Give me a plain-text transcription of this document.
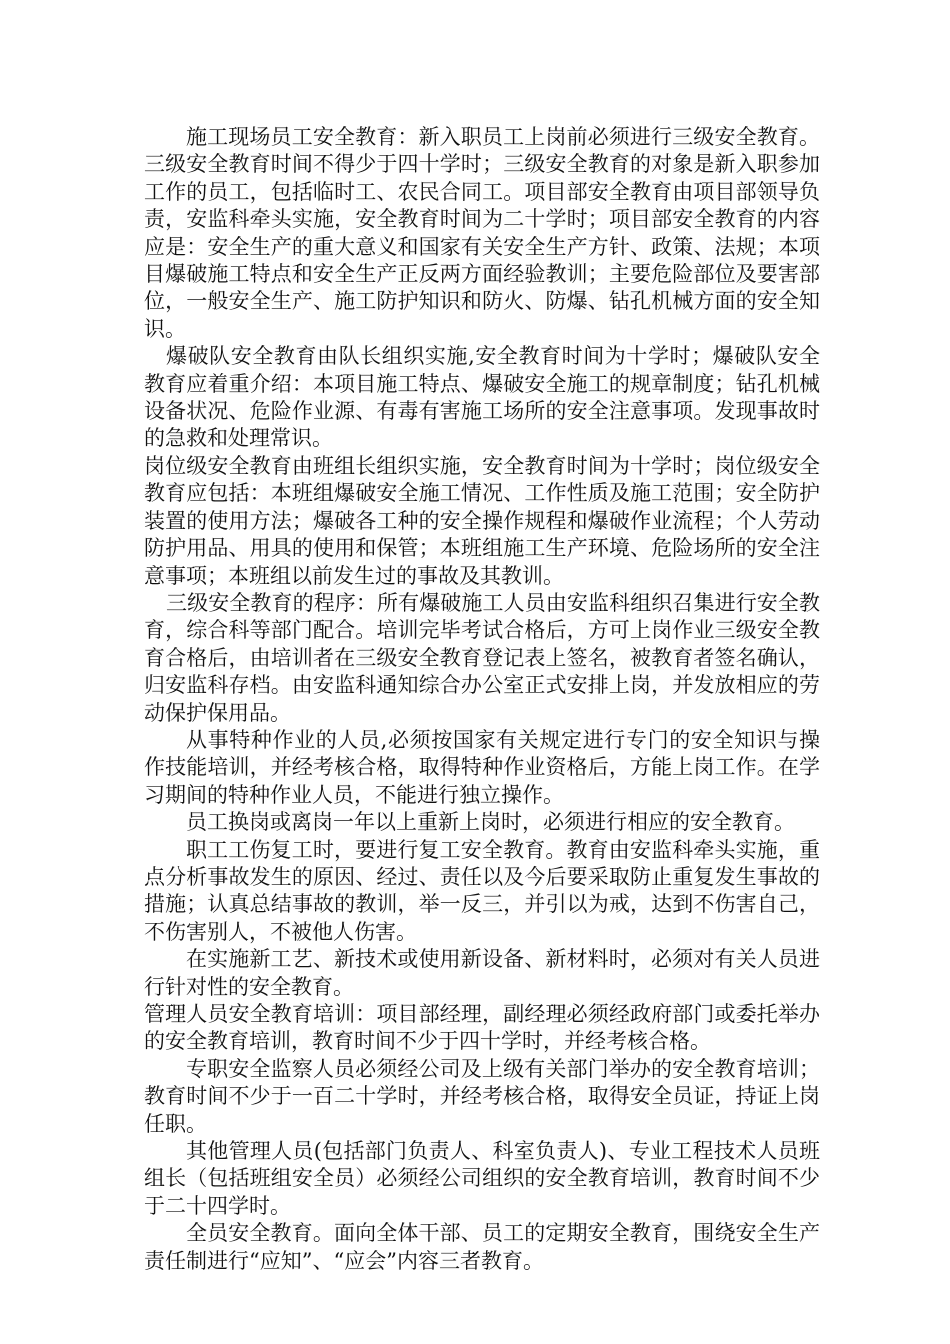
施工现场员工安全教育：新入职员工上岗前必须进行三级安全教育。三级安全教育时间不得少于四十学时；三级安全教育的对象是新入职参加工作的员工，包括临时工、农民合同工。项目部安全教育由项目部领导负责，安监科牵头实施，安全教育时间为二十学时；项目部安全教育的内容应是：安全生产的重大意义和国家有关安全生产方针、政策、法规；本项目爆破施工特点和安全生产正反两方面经验教训；主要危险部位及要害部位，一般安全生产、施工防护知识和防火、防爆、钻孔机械方面的安全知识。

爆破队安全教育由队长组织实施,安全教育时间为十学时；爆破队安全教育应着重介绍：本项目施工特点、爆破安全施工的规章制度；钻孔机械设备状况、危险作业源、有毒有害施工场所的安全注意事项。发现事故时的急救和处理常识。

岗位级安全教育由班组长组织实施，安全教育时间为十学时；岗位级安全教育应包括：本班组爆破安全施工情况、工作性质及施工范围；安全防护装置的使用方法；爆破各工种的安全操作规程和爆破作业流程；个人劳动防护用品、用具的使用和保管；本班组施工生产环境、危险场所的安全注意事项；本班组以前发生过的事故及其教训。

三级安全教育的程序：所有爆破施工人员由安监科组织召集进行安全教育，综合科等部门配合。培训完毕考试合格后，方可上岗作业三级安全教育合格后，由培训者在三级安全教育登记表上签名，被教育者签名确认，归安监科存档。由安监科通知综合办公室正式安排上岗，并发放相应的劳动保护保用品。

从事特种作业的人员,必须按国家有关规定进行专门的安全知识与操作技能培训，并经考核合格，取得特种作业资格后，方能上岗工作。在学习期间的特种作业人员，不能进行独立操作。

员工换岗或离岗一年以上重新上岗时，必须进行相应的安全教育。

职工工伤复工时，要进行复工安全教育。教育由安监科牵头实施，重点分析事故发生的原因、经过、责任以及今后要采取防止重复发生事故的措施；认真总结事故的教训，举一反三，并引以为戒，达到不伤害自己，不伤害别人，不被他人伤害。

在实施新工艺、新技术或使用新设备、新材料时，必须对有关人员进行针对性的安全教育。

管理人员安全教育培训：项目部经理，副经理必须经政府部门或委托举办的安全教育培训，教育时间不少于四十学时，并经考核合格。

专职安全监察人员必须经公司及上级有关部门举办的安全教育培训；教育时间不少于一百二十学时，并经考核合格，取得安全员证，持证上岗任职。

其他管理人员(包括部门负责人、科室负责人)、专业工程技术人员班组长（包括班组安全员）必须经公司组织的安全教育培训，教育时间不少于二十四学时。

全员安全教育。面向全体干部、员工的定期安全教育，围绕安全生产责任制进行“应知”、“应会”内容三者教育。
